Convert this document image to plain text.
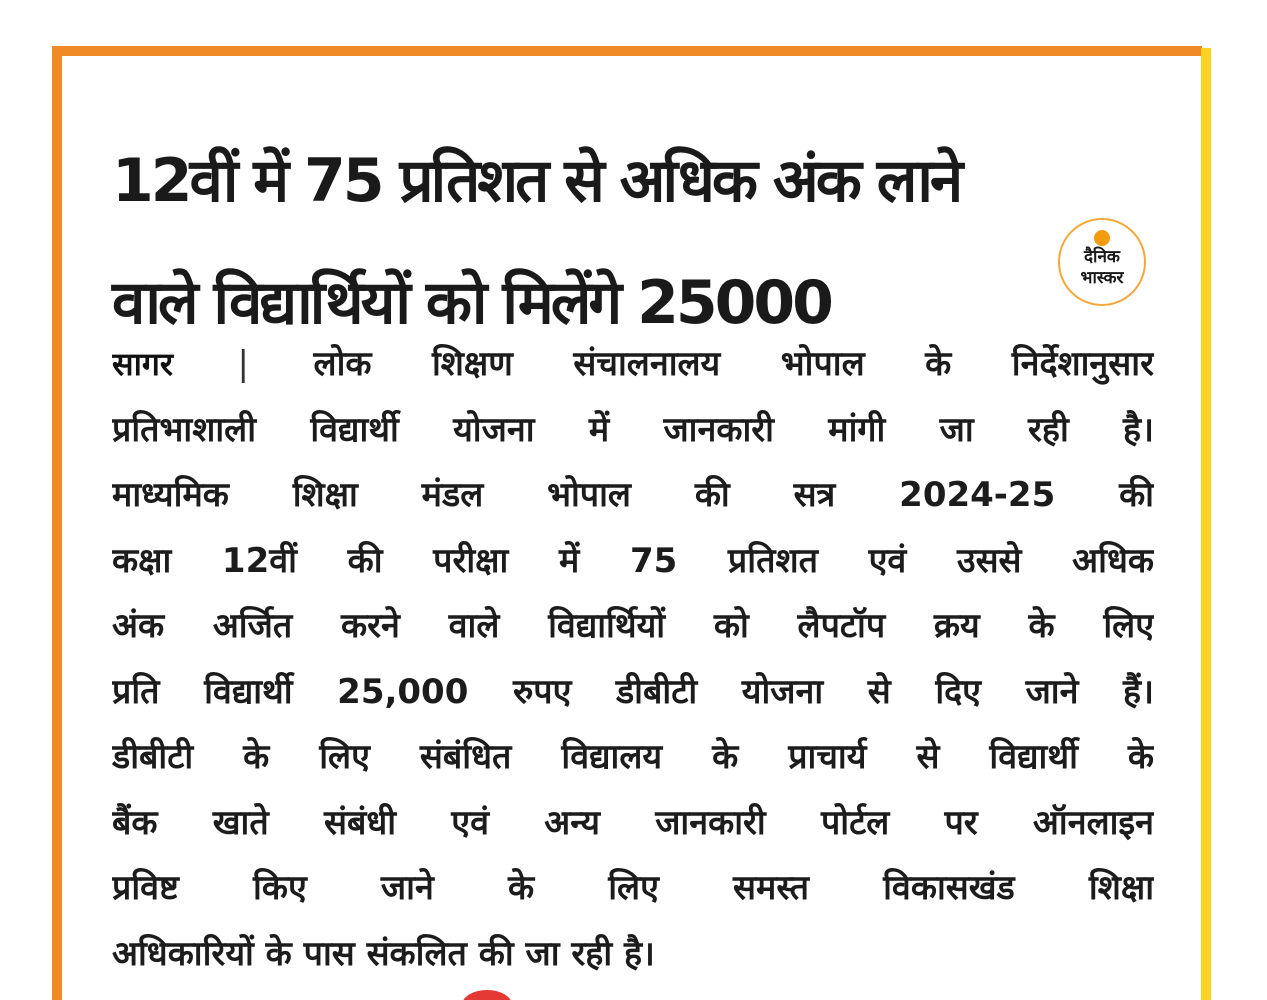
12वीं में 75 प्रतिशत से अधिक अंक लाने
वाले विद्यार्थियों को मिलेंगे 25000
दैनिक
भास्कर
सागर | लोक शिक्षण संचालनालय भोपाल के निर्देशानुसार
प्रतिभाशाली विद्यार्थी योजना में जानकारी मांगी जा रही है।
माध्यमिक शिक्षा मंडल भोपाल की सत्र 2024-25 की
कक्षा 12वीं की परीक्षा में 75 प्रतिशत एवं उससे अधिक
अंक अर्जित करने वाले विद्यार्थियों को लैपटॉप क्रय के लिए
प्रति विद्यार्थी 25,000 रुपए डीबीटी योजना से दिए जाने हैं।
डीबीटी के लिए संबंधित विद्यालय के प्राचार्य से विद्यार्थी के
बैंक खाते संबंधी एवं अन्य जानकारी पोर्टल पर ऑनलाइन
प्रविष्ट किए जाने के लिए समस्त विकासखंड शिक्षा
अधिकारियों के पास संकलित की जा रही है।
